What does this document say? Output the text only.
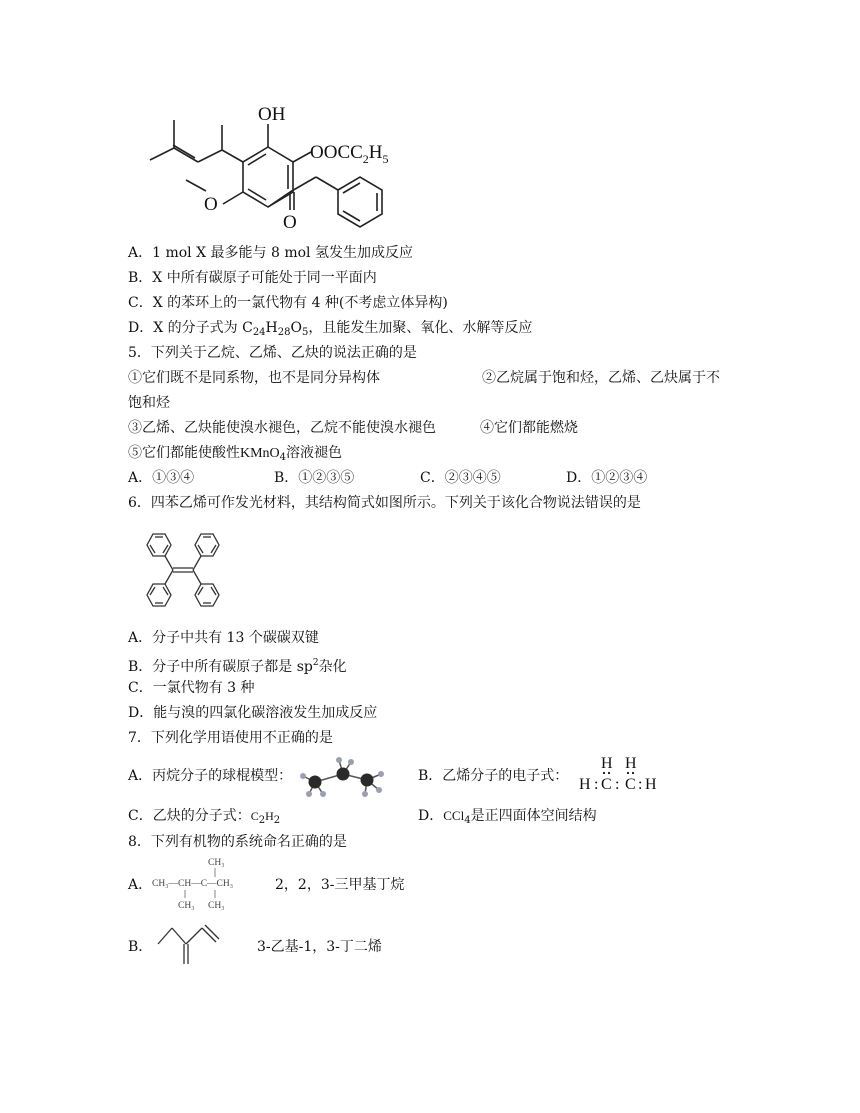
OH
$OOCC_2H_5$
O
O
A．1 mol X 最多能与 8 mol 氢发生加成反应
B．X 中所有碳原子可能处于同一平面内
C．X 的苯环上的一氯代物有 4 种(不考虑立体异构)
D．X 的分子式为 $C_{24}H_{28}O_5$，且能发生加聚、氧化、水解等反应
5．下列关于乙烷、乙烯、乙炔的说法正确的是
①它们既不是同系物，也不是同分异构体	②乙烷属于饱和烃，乙烯、乙炔属于不
饱和烃
③乙烯、乙炔能使溴水褪色，乙烷不能使溴水褪色	④它们都能燃烧
⑤它们都能使酸性KMnO$_4$溶液褪色
A．①③④	B．①②③⑤	C．②③④⑤	D．①②③④
6．四苯乙烯可作发光材料，其结构简式如图所示。下列关于该化合物说法错误的是
A．分子中共有 13 个碳碳双键
B．分子中所有碳原子都是 $sp^2$杂化
C．一氯代物有 3 种
D．能与溴的四氯化碳溶液发生加成反应
7．下列化学用语使用不正确的是
A．丙烷分子的球棍模型：	B．乙烯分子的电子式：
H H
H : C : C : H
C．乙炔的分子式：$C_2H_2$	D．CCl$_4$是正四面体空间结构
8．下列有机物的系统命名正确的是
A．
CH₃
CH₃—CH—C—CH₃
CH₃ CH₃
2，2，3-三甲基丁烷
B．	3-乙基-1，3-丁二烯
